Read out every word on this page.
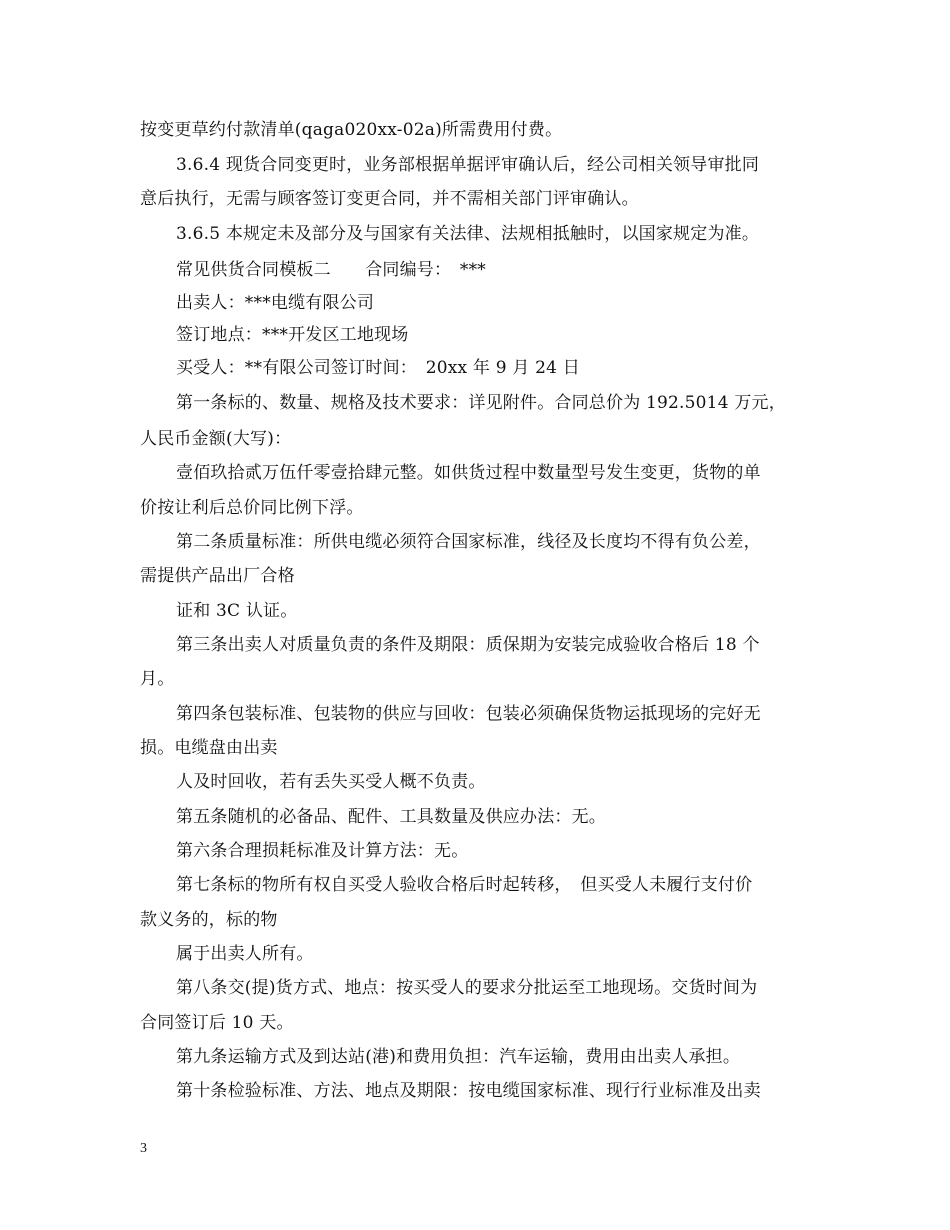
按变更草约付款清单(qaga020xx-02a)所需费用付费。
3.6.4 现货合同变更时，业务部根据单据评审确认后，经公司相关领导审批同
意后执行，无需与顾客签订变更合同，并不需相关部门评审确认。
3.6.5 本规定未及部分及与国家有关法律、法规相抵触时，以国家规定为准。
常见供货合同模板二　　合同编号：　***
出卖人：***电缆有限公司
签订地点：***开发区工地现场
买受人：**有限公司签订时间：　20xx 年 9 月 24 日
第一条标的、数量、规格及技术要求：详见附件。合同总价为 192.5014 万元，
人民币金额(大写)：
壹佰玖拾贰万伍仟零壹拾肆元整。如供货过程中数量型号发生变更，货物的单
价按让利后总价同比例下浮。
第二条质量标准：所供电缆必须符合国家标准，线径及长度均不得有负公差，
需提供产品出厂合格
证和 3C 认证。
第三条出卖人对质量负责的条件及期限：质保期为安装完成验收合格后 18 个
月。
第四条包装标准、包装物的供应与回收：包装必须确保货物运抵现场的完好无
损。电缆盘由出卖
人及时回收，若有丢失买受人概不负责。
第五条随机的必备品、配件、工具数量及供应办法：无。
第六条合理损耗标准及计算方法：无。
第七条标的物所有权自买受人验收合格后时起转移，　但买受人未履行支付价
款义务的，标的物
属于出卖人所有。
第八条交(提)货方式、地点：按买受人的要求分批运至工地现场。交货时间为
合同签订后 10 天。
第九条运输方式及到达站(港)和费用负担：汽车运输，费用由出卖人承担。
第十条检验标准、方法、地点及期限：按电缆国家标准、现行行业标准及出卖
3
